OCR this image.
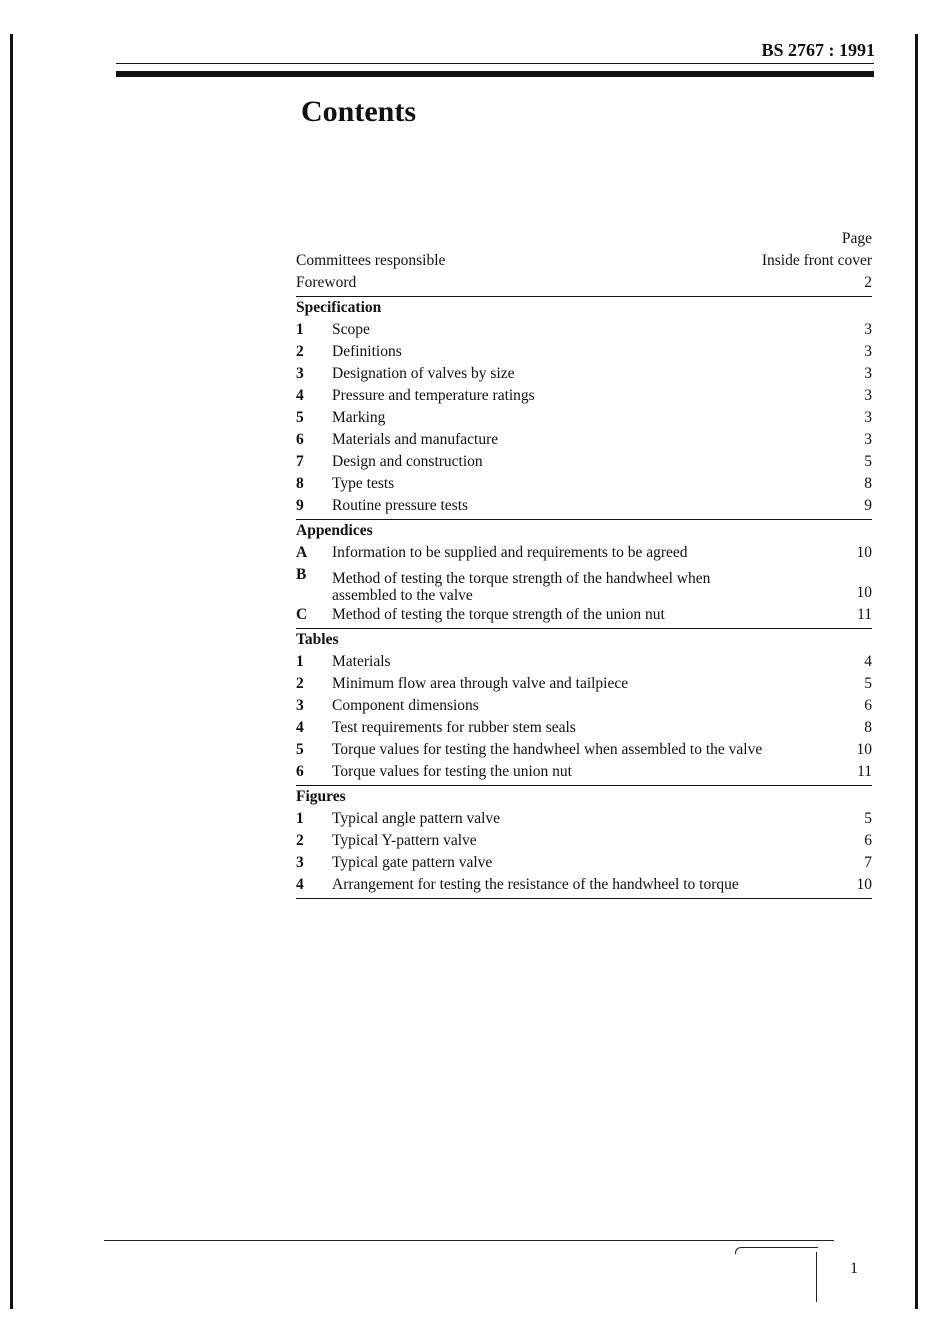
BS 2767 : 1991
Contents
Page
Committees responsible	Inside front cover
Foreword	2
Specification
1	Scope	3
2	Definitions	3
3	Designation of valves by size	3
4	Pressure and temperature ratings	3
5	Marking	3
6	Materials and manufacture	3
7	Design and construction	5
8	Type tests	8
9	Routine pressure tests	9
Appendices
A	Information to be supplied and requirements to be agreed	10
B	Method of testing the torque strength of the handwheel when assembled to the valve	10
C	Method of testing the torque strength of the union nut	11
Tables
1	Materials	4
2	Minimum flow area through valve and tailpiece	5
3	Component dimensions	6
4	Test requirements for rubber stem seals	8
5	Torque values for testing the handwheel when assembled to the valve	10
6	Torque values for testing the union nut	11
Figures
1	Typical angle pattern valve	5
2	Typical Y-pattern valve	6
3	Typical gate pattern valve	7
4	Arrangement for testing the resistance of the handwheel to torque	10
1
